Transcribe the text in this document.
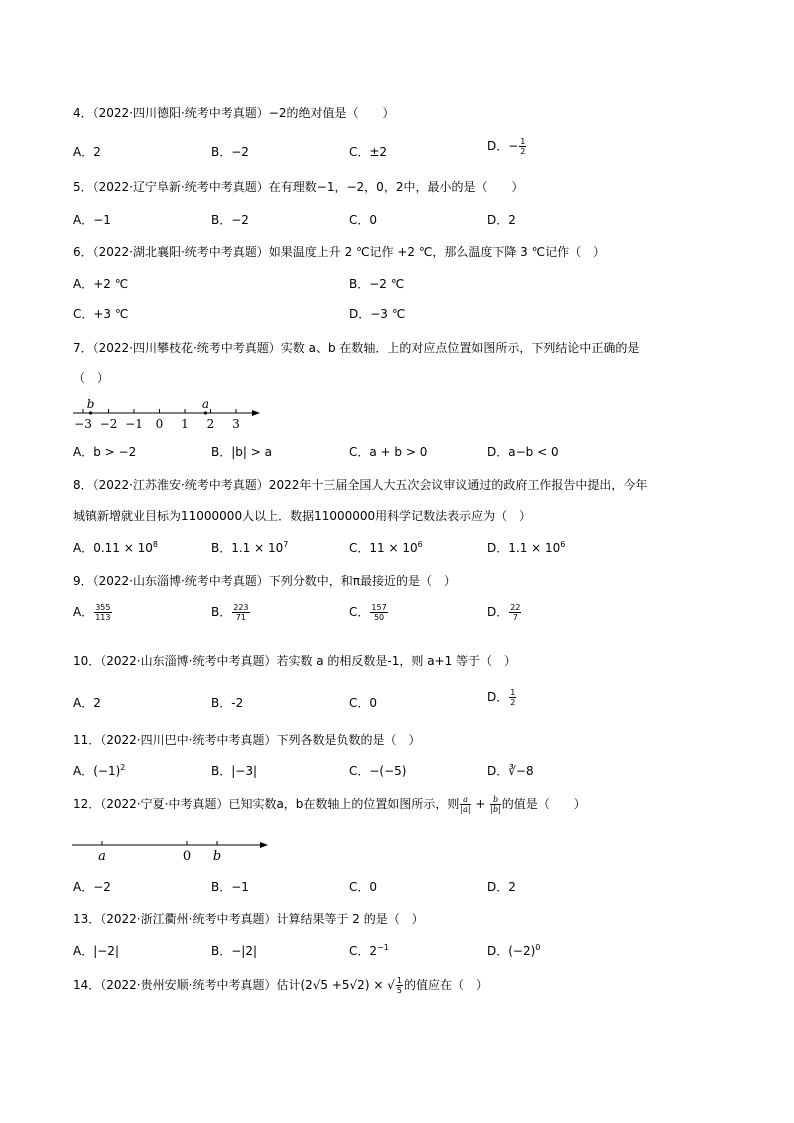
4．（2022·四川德阳·统考中考真题）−2的绝对值是（　　）
A．2	B．−2	C．±2	D．− $\frac{1}{2}$
5．（2022·辽宁阜新·统考中考真题）在有理数−1，−2，0，2中，最小的是（　　）
A．−1	B．−2	C．0	D．2
6．（2022·湖北襄阳·统考中考真题）如果温度上升 2 ℃记作 +2 ℃，那么温度下降 3 ℃记作（　）
A．+2 ℃	B．−2 ℃
C．+3 ℃	D．−3 ℃
7．（2022·四川攀枝花·统考中考真题）实数 a、b 在数轴．上的对应点位置如图所示，下列结论中正确的是
（　）
−3 −2 −1 0 1 2 3
b	a
A．b > −2	B．|b| > a	C．a + b > 0	D．a−b < 0
8．（2022·江苏淮安·统考中考真题）2022年十三届全国人大五次会议审议通过的政府工作报告中提出，今年
城镇新增就业目标为11000000人以上．数据11000000用科学记数法表示应为（　）
A．$0.11 \times 10^8$	B．$1.1 \times 10^7$	C．$11 \times 10^6$	D．$1.1 \times 10^6$
9．（2022·山东淄博·统考中考真题）下列分数中，和π最接近的是（　）
A． $\frac{355}{113}$	B． $\frac{223}{71}$	C． $\frac{157}{50}$	D． $\frac{22}{7}$
10．（2022·山东淄博·统考中考真题）若实数 a 的相反数是-1，则 a+1 等于（　）
A．2	B．-2	C．0	D． $\frac{1}{2}$
11．（2022·四川巴中·统考中考真题）下列各数是负数的是（　）
A．$(-1)^2$	B．|−3|	C．−(−5)	D．∛−8
12．（2022·宁夏·中考真题）已知实数a，b在数轴上的位置如图所示，则 $\frac{a}{|a|} + \frac{b}{|b|}$ 的值是（　　）
a	0 b
A．−2	B．−1	C．0	D．2
13．（2022·浙江衢州·统考中考真题）计算结果等于 2 的是（　）
A．|−2|	B．−|2|	C．$2^{-1}$	D．$(-2)^0$
14．（2022·贵州安顺·统考中考真题）估计(2√5 +5√2) × √ $\frac{1}{5}$ 的值应在（　）
